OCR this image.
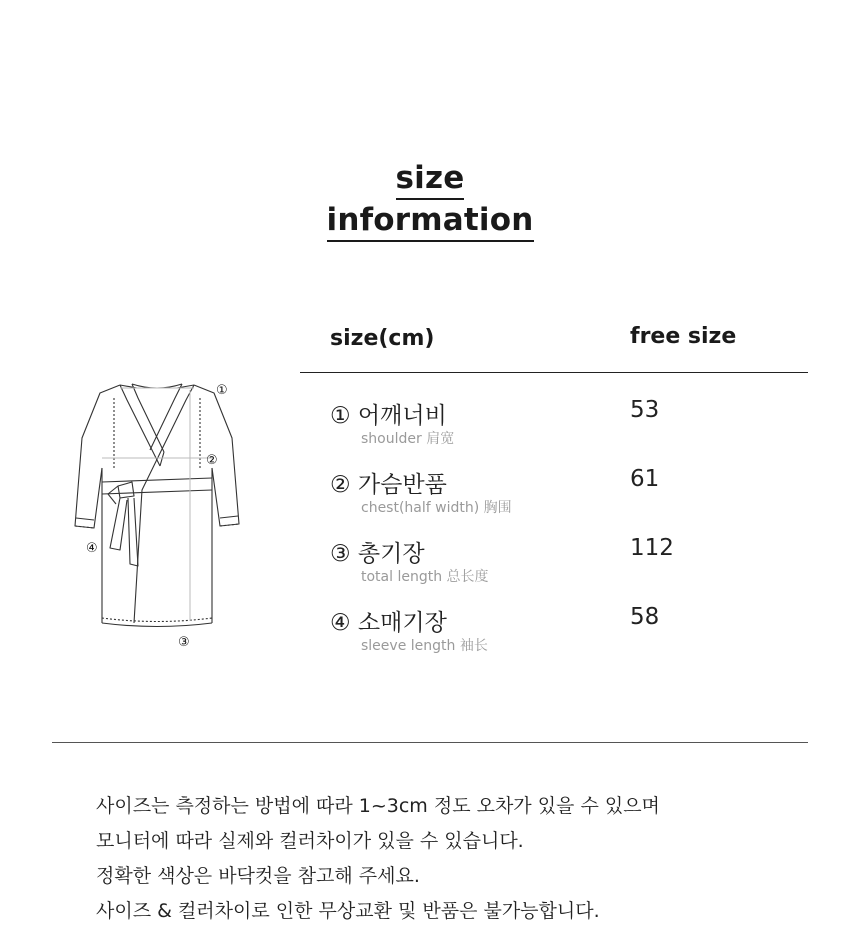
size
information
①
②
③
④
size(cm)	free size
① 어깨너비
shoulder 肩宽
53
② 가슴반품
chest(half width) 胸围
61
③ 총기장
total length 总长度
112
④ 소매기장
sleeve length 袖长
58
사이즈는 측정하는 방법에 따라 1~3cm 정도 오차가 있을 수 있으며
모니터에 따라 실제와 컬러차이가 있을 수 있습니다.
정확한 색상은 바닥컷을 참고해 주세요.
사이즈 & 컬러차이로 인한 무상교환 및 반품은 불가능합니다.
